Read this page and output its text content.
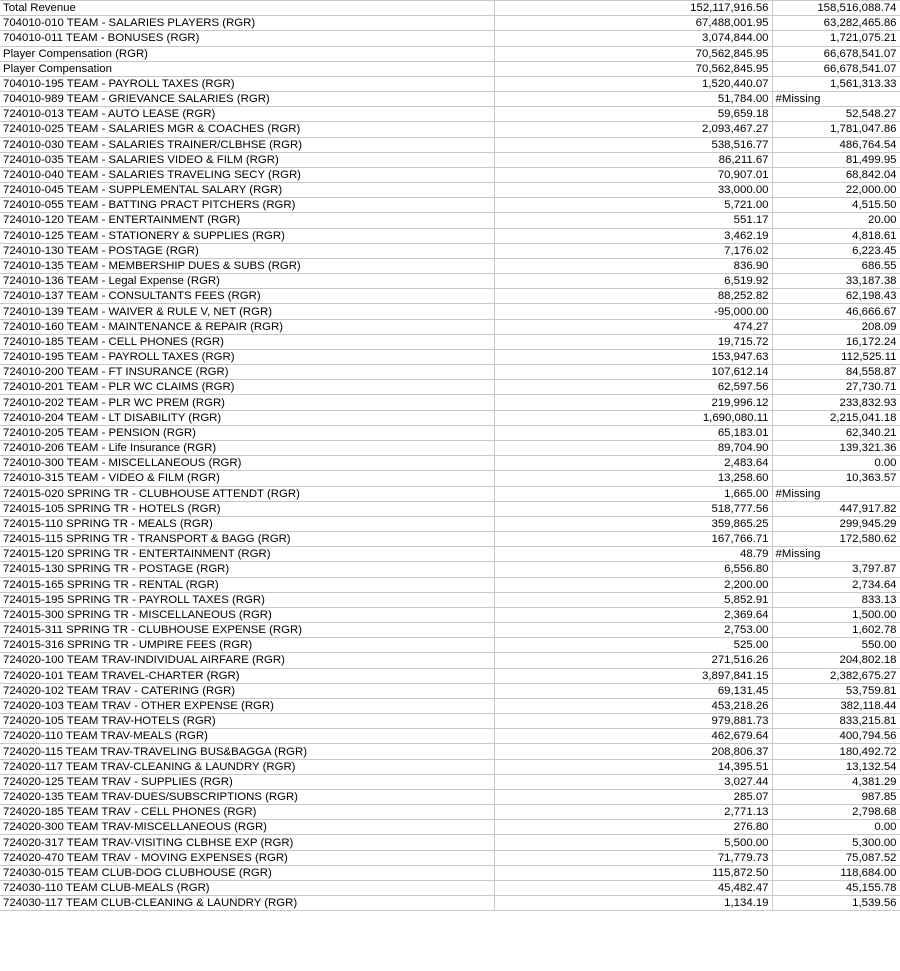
Total Revenue	152,117,916.56	158,516,088.74
704010-010 TEAM - SALARIES PLAYERS (RGR)	67,488,001.95	63,282,465.86
704010-011 TEAM - BONUSES (RGR)	3,074,844.00	1,721,075.21
Player Compensation (RGR)	70,562,845.95	66,678,541.07
Player Compensation	70,562,845.95	66,678,541.07
704010-195 TEAM - PAYROLL TAXES (RGR)	1,520,440.07	1,561,313.33
704010-989 TEAM - GRIEVANCE SALARIES (RGR)	51,784.00	#Missing
724010-013 TEAM - AUTO LEASE (RGR)	59,659.18	52,548.27
724010-025 TEAM - SALARIES MGR & COACHES (RGR)	2,093,467.27	1,781,047.86
724010-030 TEAM - SALARIES TRAINER/CLBHSE (RGR)	538,516.77	486,764.54
724010-035 TEAM - SALARIES VIDEO & FILM (RGR)	86,211.67	81,499.95
724010-040 TEAM - SALARIES TRAVELING SECY (RGR)	70,907.01	68,842.04
724010-045 TEAM - SUPPLEMENTAL SALARY (RGR)	33,000.00	22,000.00
724010-055 TEAM - BATTING PRACT PITCHERS (RGR)	5,721.00	4,515.50
724010-120 TEAM - ENTERTAINMENT (RGR)	551.17	20.00
724010-125 TEAM - STATIONERY & SUPPLIES (RGR)	3,462.19	4,818.61
724010-130 TEAM - POSTAGE (RGR)	7,176.02	6,223.45
724010-135 TEAM - MEMBERSHIP DUES & SUBS (RGR)	836.90	686.55
724010-136 TEAM - Legal Expense (RGR)	6,519.92	33,187.38
724010-137 TEAM - CONSULTANTS FEES (RGR)	88,252.82	62,198.43
724010-139 TEAM - WAIVER & RULE V, NET (RGR)	-95,000.00	46,666.67
724010-160 TEAM - MAINTENANCE & REPAIR (RGR)	474.27	208.09
724010-185 TEAM - CELL PHONES (RGR)	19,715.72	16,172.24
724010-195 TEAM - PAYROLL TAXES (RGR)	153,947.63	112,525.11
724010-200 TEAM - FT INSURANCE (RGR)	107,612.14	84,558.87
724010-201 TEAM - PLR WC CLAIMS (RGR)	62,597.56	27,730.71
724010-202 TEAM - PLR WC PREM (RGR)	219,996.12	233,832.93
724010-204 TEAM - LT DISABILITY (RGR)	1,690,080.11	2,215,041.18
724010-205 TEAM - PENSION (RGR)	65,183.01	62,340.21
724010-206 TEAM - Life Insurance (RGR)	89,704.90	139,321.36
724010-300 TEAM - MISCELLANEOUS (RGR)	2,483.64	0.00
724010-315 TEAM - VIDEO & FILM (RGR)	13,258.60	10,363.57
724015-020 SPRING TR - CLUBHOUSE ATTENDT (RGR)	1,665.00	#Missing
724015-105 SPRING TR - HOTELS (RGR)	518,777.56	447,917.82
724015-110 SPRING TR - MEALS (RGR)	359,865.25	299,945.29
724015-115 SPRING TR - TRANSPORT & BAGG (RGR)	167,766.71	172,580.62
724015-120 SPRING TR - ENTERTAINMENT (RGR)	48.79	#Missing
724015-130 SPRING TR - POSTAGE (RGR)	6,556.80	3,797.87
724015-165 SPRING TR - RENTAL (RGR)	2,200.00	2,734.64
724015-195 SPRING TR - PAYROLL TAXES (RGR)	5,852.91	833.13
724015-300 SPRING TR - MISCELLANEOUS (RGR)	2,369.64	1,500.00
724015-311 SPRING TR - CLUBHOUSE EXPENSE (RGR)	2,753.00	1,602.78
724015-316 SPRING TR - UMPIRE FEES (RGR)	525.00	550.00
724020-100 TEAM TRAV-INDIVIDUAL AIRFARE (RGR)	271,516.26	204,802.18
724020-101 TEAM TRAVEL-CHARTER (RGR)	3,897,841.15	2,382,675.27
724020-102 TEAM TRAV - CATERING (RGR)	69,131.45	53,759.81
724020-103 TEAM TRAV - OTHER EXPENSE (RGR)	453,218.26	382,118.44
724020-105 TEAM TRAV-HOTELS (RGR)	979,881.73	833,215.81
724020-110 TEAM TRAV-MEALS (RGR)	462,679.64	400,794.56
724020-115 TEAM TRAV-TRAVELING BUS&BAGGA (RGR)	208,806.37	180,492.72
724020-117 TEAM TRAV-CLEANING & LAUNDRY (RGR)	14,395.51	13,132.54
724020-125 TEAM TRAV - SUPPLIES (RGR)	3,027.44	4,381.29
724020-135 TEAM TRAV-DUES/SUBSCRIPTIONS (RGR)	285.07	987.85
724020-185 TEAM TRAV - CELL PHONES (RGR)	2,771.13	2,798.68
724020-300 TEAM TRAV-MISCELLANEOUS (RGR)	276.80	0.00
724020-317 TEAM TRAV-VISITING CLBHSE EXP (RGR)	5,500.00	5,300.00
724020-470 TEAM TRAV - MOVING EXPENSES (RGR)	71,779.73	75,087.52
724030-015 TEAM CLUB-DOG CLUBHOUSE (RGR)	115,872.50	118,684.00
724030-110 TEAM CLUB-MEALS (RGR)	45,482.47	45,155.78
724030-117 TEAM CLUB-CLEANING & LAUNDRY (RGR)	1,134.19	1,539.56
